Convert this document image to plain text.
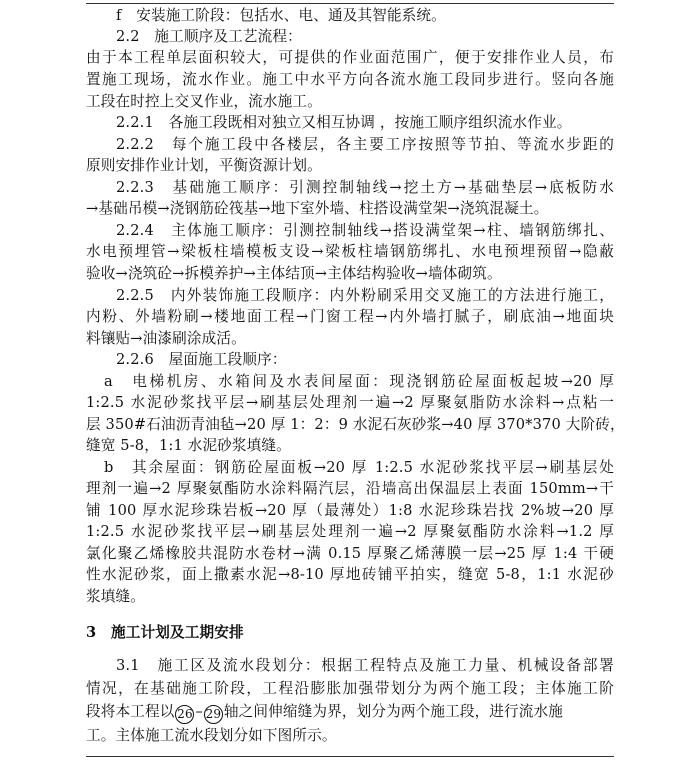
f　安装施工阶段：包括水、电、通及其智能系统。
2.2　施工顺序及工艺流程：
由于本工程单层面积较大，可提供的作业面范围广，便于安排作业人员，布
置施工现场，流水作业。施工中水平方向各流水施工段同步进行。竖向各施
工段在时控上交叉作业，流水施工。
2.2.1　各施工段既相对独立又相互协调 ，按施工顺序组织流水作业。
2.2.2　每个施工段中各楼层，各主要工序按照等节拍、等流水步距的
原则安排作业计划，平衡资源计划。
2.2.3　基础施工顺序：引测控制轴线→挖土方→基础垫层→底板防水
→基础吊模→浇钢筋砼筏基→地下室外墙、柱搭设满堂架→浇筑混凝土。
2.2.4　主体施工顺序：引测控制轴线→搭设满堂架→柱、墙钢筋绑扎、
水电预埋管→梁板柱墙模板支设→梁板柱墙钢筋绑扎、水电预埋预留→隐蔽
验收→浇筑砼→拆模养护→主体结顶→主体结构验收→墙体砌筑。
2.2.5　内外装饰施工段顺序：内外粉刷采用交叉施工的方法进行施工，
内粉、外墙粉刷→楼地面工程→门窗工程→内外墙打腻子，刷底油→地面块
料镶贴→油漆刷涂成活。
2.2.6　屋面施工段顺序：
a　电梯机房、水箱间及水表间屋面：现浇钢筋砼屋面板起坡→20 厚
1:2.5 水泥砂浆找平层→刷基层处理剂一遍→2 厚聚氨脂防水涂料→点粘一
层 350#石油沥青油毡→20 厚 1：2：9 水泥石灰砂浆→40 厚 370*370 大阶砖，
缝宽 5-8，1:1 水泥砂浆填缝。
b　其余屋面：钢筋砼屋面板→20 厚 1:2.5 水泥砂浆找平层→刷基层处
理剂一遍→2 厚聚氨酯防水涂料隔汽层，沿墙高出保温层上表面 150mm→干
铺 100 厚水泥珍珠岩板→20 厚（最薄处）1:8 水泥珍珠岩找 2%坡→20 厚
1:2.5 水泥砂浆找平层→刷基层处理剂一遍→2 厚聚氨酯防水涂料→1.2 厚
氯化聚乙烯橡胶共混防水卷材→满 0.15 厚聚乙烯薄膜一层→25 厚 1:4 干硬
性水泥砂浆，面上撒素水泥→8-10 厚地砖铺平拍实，缝宽 5-8，1:1 水泥砂
浆填缝。
3　施工计划及工期安排
3.1　施工区及流水段划分：根据工程特点及施工力量、机械设备部署
情况，在基础施工阶段，工程沿膨胀加强带划分为两个施工段；主体施工阶
段将本工程以 26 – 29 轴之间伸缩缝为界，划分为两个施工段，进行流水施
工。主体施工流水段划分如下图所示。
